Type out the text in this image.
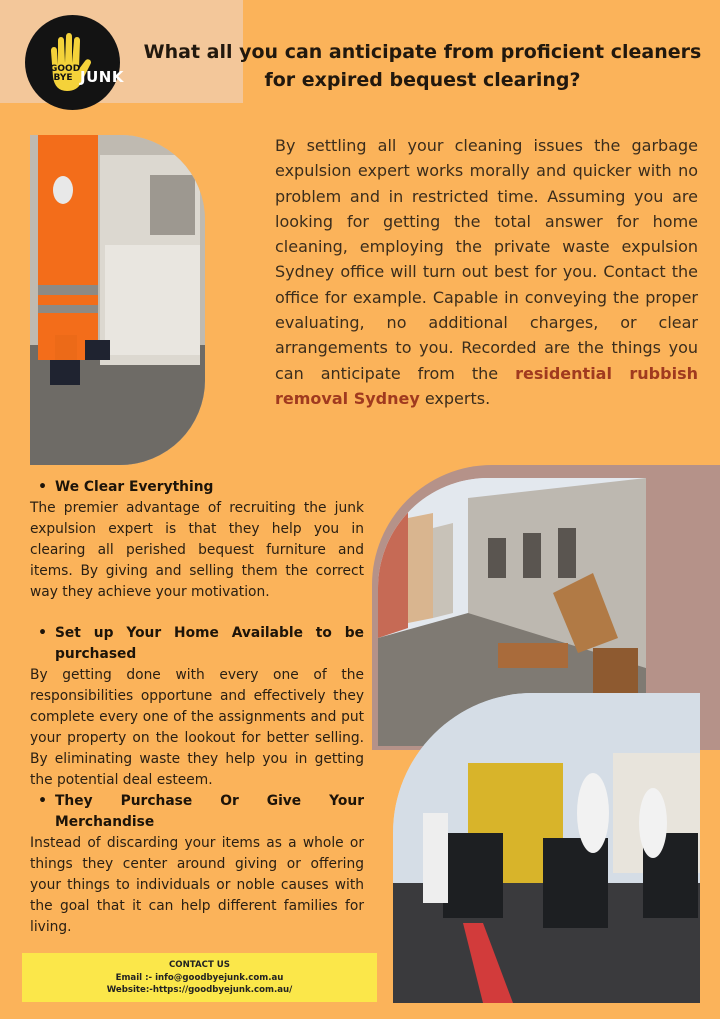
GOOD
BYE JUNK
What all you can anticipate from proficient cleaners
for expired bequest clearing?

By settling all your cleaning issues the garbage expulsion expert works morally and quicker with no problem and in restricted time. Assuming you are looking for getting the total answer for home cleaning, employing the private waste expulsion Sydney office will turn out best for you. Contact the office for example. Capable in conveying the proper evaluating, no additional charges, or clear arrangements to you. Recorded are the things you can anticipate from the residential rubbish removal Sydney experts.

• We Clear Everything

The premier advantage of recruiting the junk expulsion expert is that they help you in clearing all perished bequest furniture and items. By giving and selling them the correct way they achieve your motivation.

• Set up Your Home Available to be purchased

By getting done with every one of the responsibilities opportune and effectively they complete every one of the assignments and put your property on the lookout for better selling. By eliminating waste they help you in getting the potential deal esteem.

• They Purchase Or Give Your Merchandise

Instead of discarding your items as a whole or things they center around giving or offering your things to individuals or noble causes with the goal that it can help different families for living.

CONTACT US
Email :- info@goodbyejunk.com.au
Website:-https://goodbyejunk.com.au/
